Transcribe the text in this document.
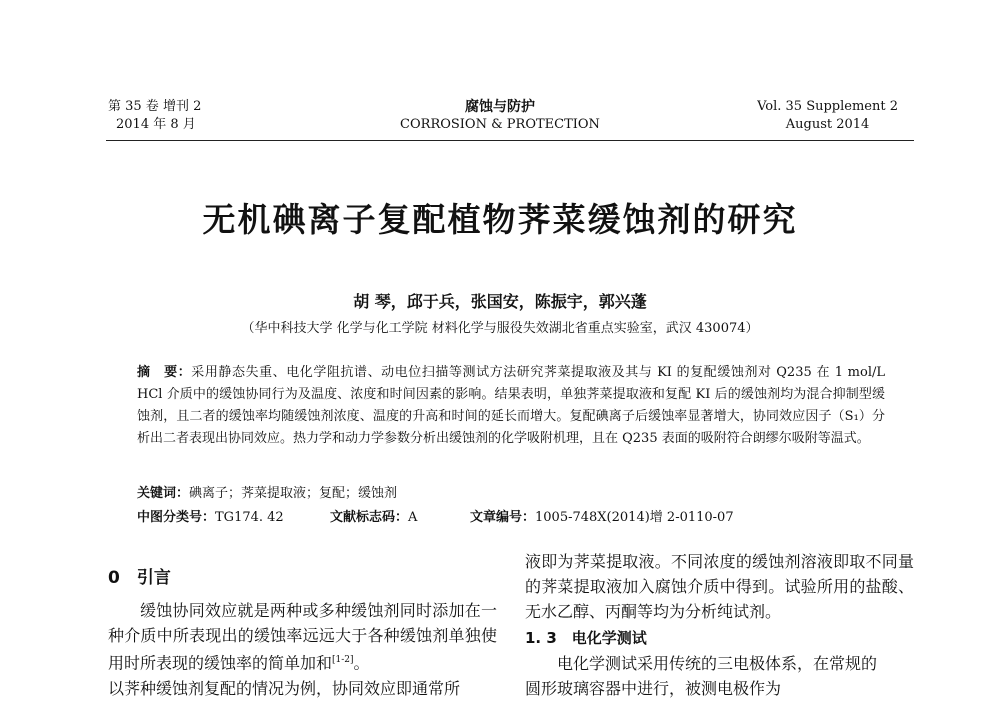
第 35 卷 增刊 2
2014 年 8 月
腐蚀与防护
CORROSION & PROTECTION
Vol. 35 Supplement 2
August 2014
无机碘离子复配植物荠菜缓蚀剂的研究
胡 琴，邱于兵，张国安，陈振宇，郭兴蓬
（华中科技大学 化学与化工学院 材料化学与服役失效湖北省重点实验室，武汉 430074）
摘　要：采用静态失重、电化学阻抗谱、动电位扫描等测试方法研究荠菜提取液及其与 KI 的复配缓蚀剂对 Q235 在 1 mol/L HCl 介质中的缓蚀协同行为及温度、浓度和时间因素的影响。结果表明，单独荠菜提取液和复配 KI 后的缓蚀剂均为混合抑制型缓蚀剂，且二者的缓蚀率均随缓蚀剂浓度、温度的升高和时间的延长而增大。复配碘离子后缓蚀率显著增大，协同效应因子（S₁）分析出二者表现出协同效应。热力学和动力学参数分析出缓蚀剂的化学吸附机理，且在 Q235 表面的吸附符合朗缪尔吸附等温式。
关键词：碘离子；荠菜提取液；复配；缓蚀剂
中图分类号：TG174. 42	文献标志码：A	文章编号：1005-748X(2014)增 2-0110-07
0　引言
缓蚀协同效应就是两种或多种缓蚀剂同时添加在一种介质中所表现出的缓蚀率远远大于各种缓蚀剂单独使用时所表现的缓蚀率的简单加和[1-2]。
以荠种缓蚀剂复配的情况为例，协同效应即通常所
液即为荠菜提取液。不同浓度的缓蚀剂溶液即取不同量的荠菜提取液加入腐蚀介质中得到。试验所用的盐酸、无水乙醇、丙酮等均为分析纯试剂。
1. 3　电化学测试
电化学测试采用传统的三电极体系，在常规的
圆形玻璃容器中进行，被测电极作为
